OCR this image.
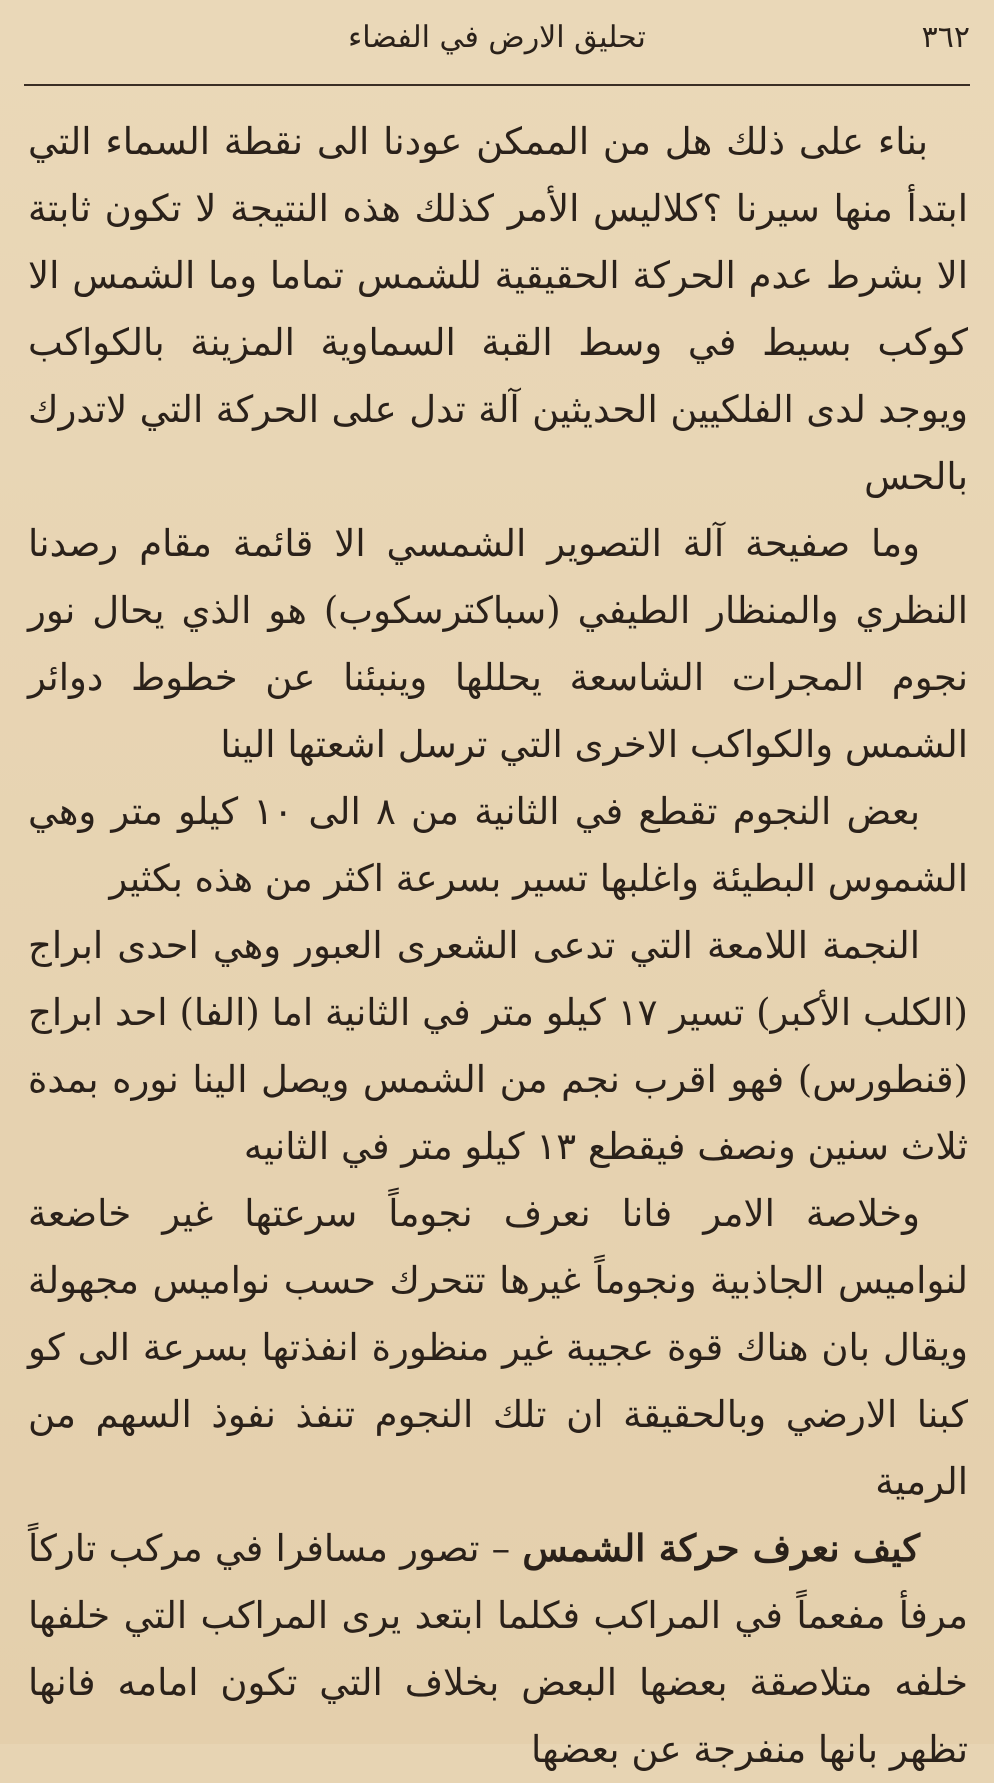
٣٦٢
تحليق الارض في الفضاء

بناء على ذلك هل من الممكن عودنا الى نقطة السماء التي ابتدأ منها سيرنا ؟كلاليس الأمر كذلك هذه النتيجة لا تكون ثابتة الا بشرط عدم الحركة الحقيقية للشمس تماما وما الشمس الا كوكب بسيط في وسط القبة السماوية المزينة بالكواكب ويوجد لدى الفلكيين الحديثين آلة تدل على الحركة التي لاتدرك بالحس

وما صفيحة آلة التصوير الشمسي الا قائمة مقام رصدنا النظري والمنظار الطيفي (سباكترسكوب) هو الذي يحال نور نجوم المجرات الشاسعة يحللها وينبئنا عن خطوط دوائر الشمس والكواكب الاخرى التي ترسل اشعتها الينا

بعض النجوم تقطع في الثانية من ٨ الى ١٠ كيلو متر وهي الشموس البطيئة واغلبها تسير بسرعة اكثر من هذه بكثير

النجمة اللامعة التي تدعى الشعرى العبور وهي احدى ابراج (الكلب الأكبر) تسير ١٧ كيلو متر في الثانية اما (الفا) احد ابراج (قنطورس) فهو اقرب نجم من الشمس ويصل الينا نوره بمدة ثلاث سنين ونصف فيقطع ١٣ كيلو متر في الثانيه

وخلاصة الامر فانا نعرف نجوماً سرعتها غير خاضعة لنواميس الجاذبية ونجوماً غيرها تتحرك حسب نواميس مجهولة ويقال بان هناك قوة عجيبة غير منظورة انفذتها بسرعة الى كو كبنا الارضي وبالحقيقة ان تلك النجوم تنفذ نفوذ السهم من الرمية

كيف نعرف حركة الشمس – تصور مسافرا في مركب تاركاً مرفأ مفعماً في المراكب فكلما ابتعد يرى المراكب التي خلفها خلفه متلاصقة بعضها البعض بخلاف التي تكون امامه فانها تظهر بانها منفرجة عن بعضها
